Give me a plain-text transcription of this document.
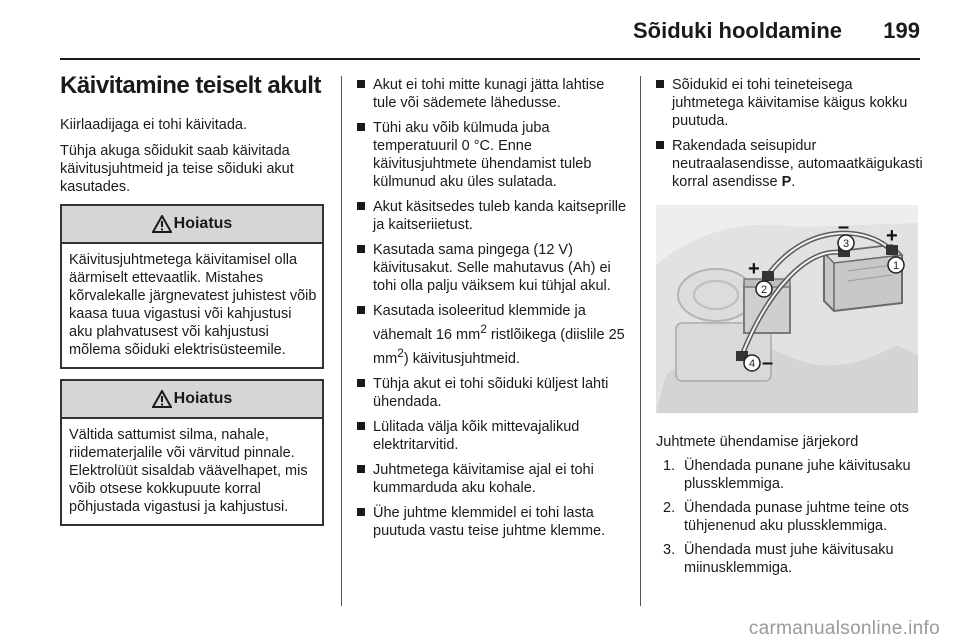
Sõiduki hooldamine 199
Käivitamine teiselt akult

Kiirlaadijaga ei tohi käivitada.

Tühja akuga sõidukit saab käivitada käivitusjuhtmeid ja teise sõiduki akut kasutades.

Hoiatus
Käivitusjuhtmetega käivitamisel olla äärmiselt ettevaatlik. Mistahes kõrvalekalle järgnevatest juhistest võib kaasa tuua vigastusi või kahjustusi aku plahvatusest või kahjustusi mõlema sõiduki elektrisüsteemile.
Hoiatus
Vältida sattumist silma, nahale, riidematerjalile või värvitud pinnale. Elektrolüüt sisaldab väävelhapet, mis võib otsese kokkupuute korral põhjustada vigastusi ja kahjustusi.
Akut ei tohi mitte kunagi jätta lahtise tule või sädemete lähedusse.
Tühi aku võib külmuda juba temperatuuril 0 °C. Enne käivitusjuhtmete ühendamist tuleb külmunud aku üles sulatada.
Akut käsitsedes tuleb kanda kaitseprille ja kaitseriietust.
Kasutada sama pingega (12 V) käivitusakut. Selle mahutavus (Ah) ei tohi olla palju väiksem kui tühjal akul.
Kasutada isoleeritud klemmide ja vähemalt 16 $mm^2$ ristlõikega (diislile 25 $mm^2$) käivitusjuhtmeid.
Tühja akut ei tohi sõiduki küljest lahti ühendada.
Lülitada välja kõik mittevajalikud elektritarvitid.
Juhtmetega käivitamise ajal ei tohi kummarduda aku kohale.
Ühe juhtme klemmidel ei tohi lasta puutuda vastu teise juhtme klemme.
Sõidukid ei tohi teineteisega juhtmetega käivitamise käigus kokku puutuda.
Rakendada seisupidur neutraalasendisse, automaatkäigukasti korral asendisse P.
1
2
3
4
+
–
+
–
Juhtmete ühendamise järjekord
1. Ühendada punane juhe käivitusaku plussklemmiga.
2. Ühendada punase juhtme teine ots tühjenenud aku plussklemmiga.
3. Ühendada must juhe käivitusaku miinusklemmiga.
carmanualsonline.info
